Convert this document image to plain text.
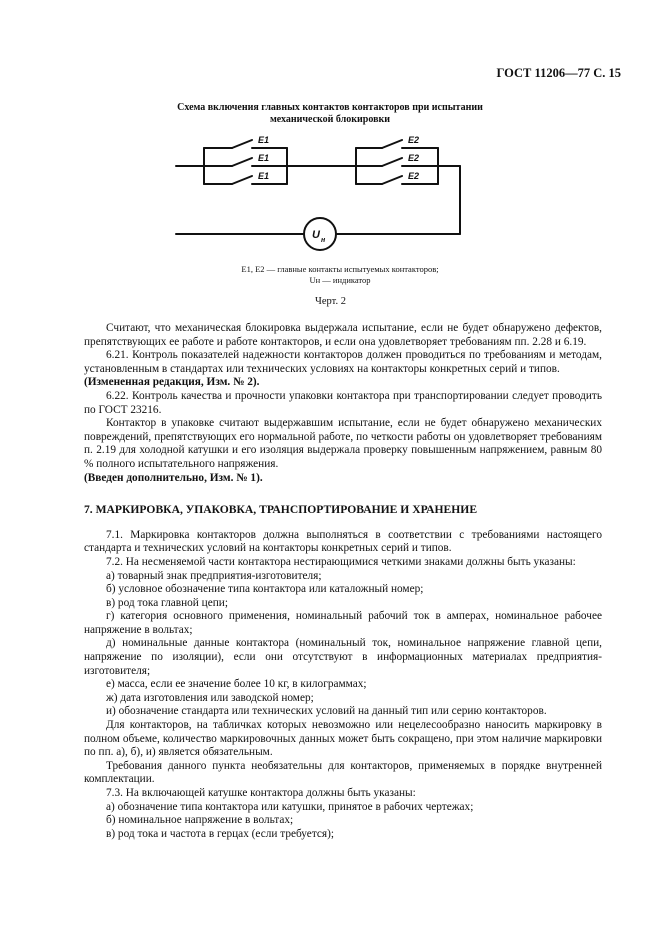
ГОСТ 11206—77 С. 15
Схема включения главных контактов контакторов при испытании
механической блокировки
E1
E1
E1
E2
E2
E2
U н
E1, E2 — главные контакты испытуемых контакторов;
Uн — индикатор
Черт. 2

Считают, что механическая блокировка выдержала испытание, если не будет обнаружено дефектов, препятствующих ее работе и работе контакторов, и если она удовлетворяет требованиям пп. 2.28 и 6.19.

6.21. Контроль показателей надежности контакторов должен проводиться по требованиям и методам, установленным в стандартах или технических условиях на контакторы конкретных серий и типов.

(Измененная редакция, Изм. № 2).

6.22. Контроль качества и прочности упаковки контактора при транспортировании следует проводить по ГОСТ 23216.

Контактор в упаковке считают выдержавшим испытание, если не будет обнаружено механических повреждений, препятствующих его нормальной работе, по четкости работы он удовлетворяет требованиям п. 2.19 для холодной катушки и его изоляция выдержала проверку повышенным напряжением, равным 80 % полного испытательного напряжения.

(Введен дополнительно, Изм. № 1).

7. МАРКИРОВКА, УПАКОВКА, ТРАНСПОРТИРОВАНИЕ И ХРАНЕНИЕ

7.1. Маркировка контакторов должна выполняться в соответствии с требованиями настоящего стандарта и технических условий на контакторы конкретных серий и типов.

7.2. На несменяемой части контактора нестирающимися четкими знаками должны быть указаны:

а) товарный знак предприятия-изготовителя;

б) условное обозначение типа контактора или каталожный номер;

в) род тока главной цепи;

г) категория основного применения, номинальный рабочий ток в амперах, номинальное рабочее напряжение в вольтах;

д) номинальные данные контактора (номинальный ток, номинальное напряжение главной цепи, напряжение по изоляции), если они отсутствуют в информационных материалах предприятия-изготовителя;

е) масса, если ее значение более 10 кг, в килограммах;

ж) дата изготовления или заводской номер;

и) обозначение стандарта или технических условий на данный тип или серию контакторов.

Для контакторов, на табличках которых невозможно или нецелесообразно наносить маркировку в полном объеме, количество маркировочных данных может быть сокращено, при этом наличие маркировки по пп. а), б), и) является обязательным.

Требования данного пункта необязательны для контакторов, применяемых в порядке внутренней комплектации.

7.3. На включающей катушке контактора должны быть указаны:

а) обозначение типа контактора или катушки, принятое в рабочих чертежах;

б) номинальное напряжение в вольтах;

в) род тока и частота в герцах (если требуется);
